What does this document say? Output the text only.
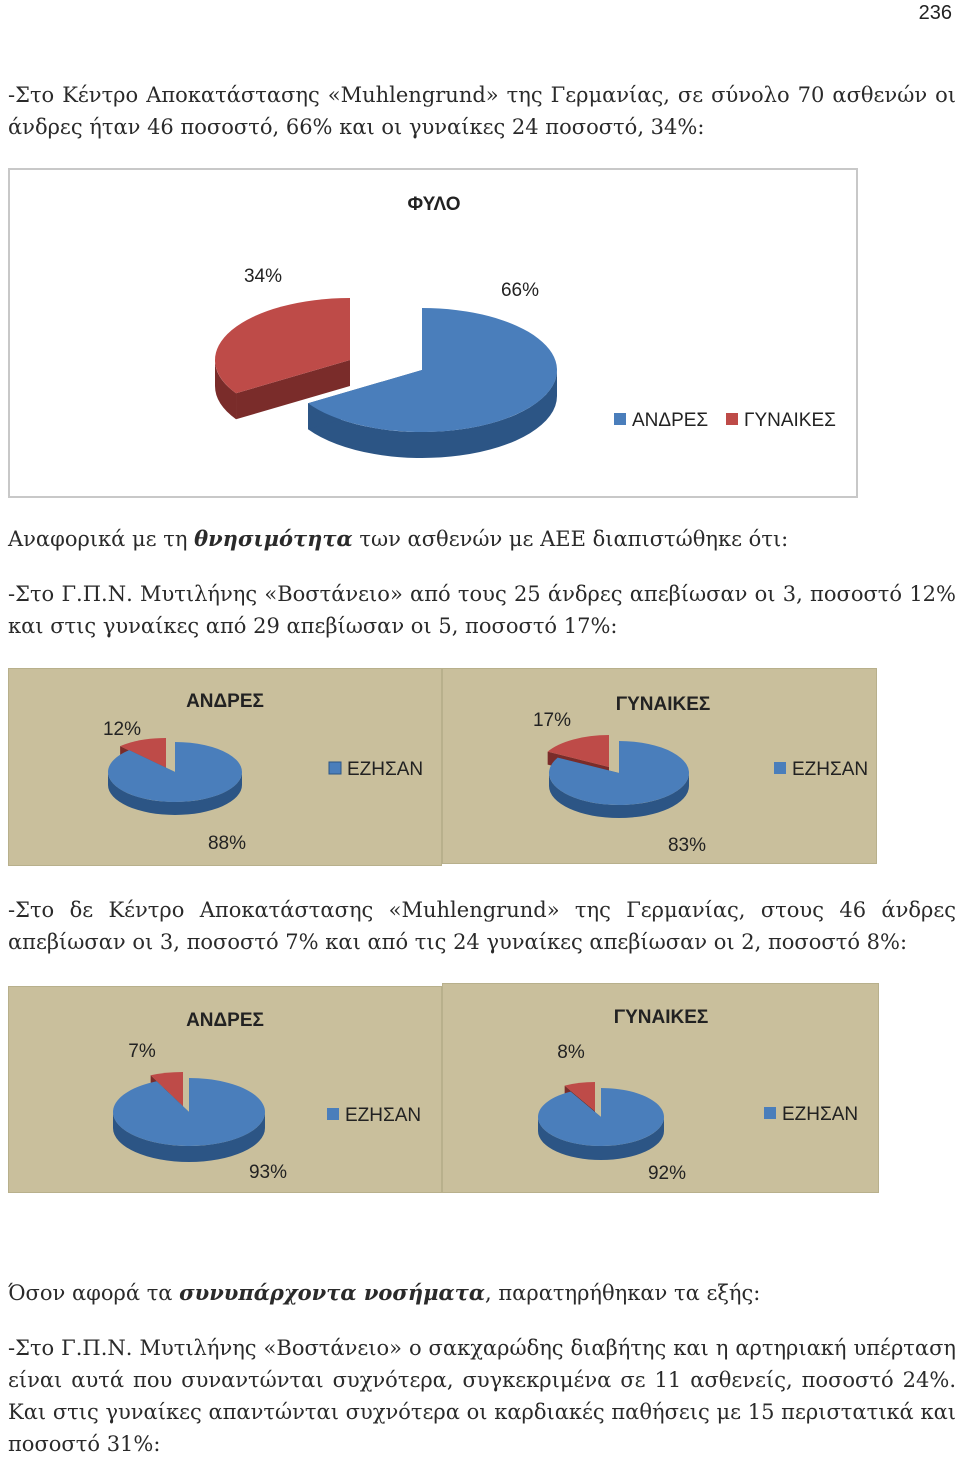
236

-Στο Κέντρο Αποκατάστασης «Muhlengrund» της Γερμανίας, σε σύνολο 70 ασθενών οι άνδρες ήταν 46 ποσοστό, 66% και οι γυναίκες 24 ποσοστό, 34%:

ΦΥΛΟ
66%
34%
ΑΝΔΡΕΣ ΓΥΝΑΙΚΕΣ

Αναφορικά με τη θνησιμότητα των ασθενών με ΑΕΕ διαπιστώθηκε ότι:

-Στο Γ.Π.Ν. Μυτιλήνης «Βοστάνειο» από τους 25 άνδρες απεβίωσαν οι 3, ποσοστό 12% και στις γυναίκες από 29 απεβίωσαν οι 5, ποσοστό 17%:

ΑΝΔΡΕΣ
12%
88%
ΕΖΗΣΑΝ
ΓΥΝΑΙΚΕΣ
17%
83%
ΕΖΗΣΑΝ

-Στο δε Κέντρο Αποκατάστασης «Muhlengrund» της Γερμανίας, στους 46 άνδρες απεβίωσαν οι 3, ποσοστό 7% και από τις 24 γυναίκες απεβίωσαν οι 2, ποσοστό 8%:

ΑΝΔΡΕΣ
7%
93%
ΕΖΗΣΑΝ
ΓΥΝΑΙΚΕΣ
8%
92%
ΕΖΗΣΑΝ

Όσον αφορά τα συνυπάρχοντα νοσήματα, παρατηρήθηκαν τα εξής:

-Στο Γ.Π.Ν. Μυτιλήνης «Βοστάνειο» ο σακχαρώδης διαβήτης και η αρτηριακή υπέρταση είναι αυτά που συναντώνται συχνότερα, συγκεκριμένα σε 11 ασθενείς, ποσοστό 24%. Και στις γυναίκες απαντώνται συχνότερα οι καρδιακές παθήσεις με 15 περιστατικά και ποσοστό 31%:
